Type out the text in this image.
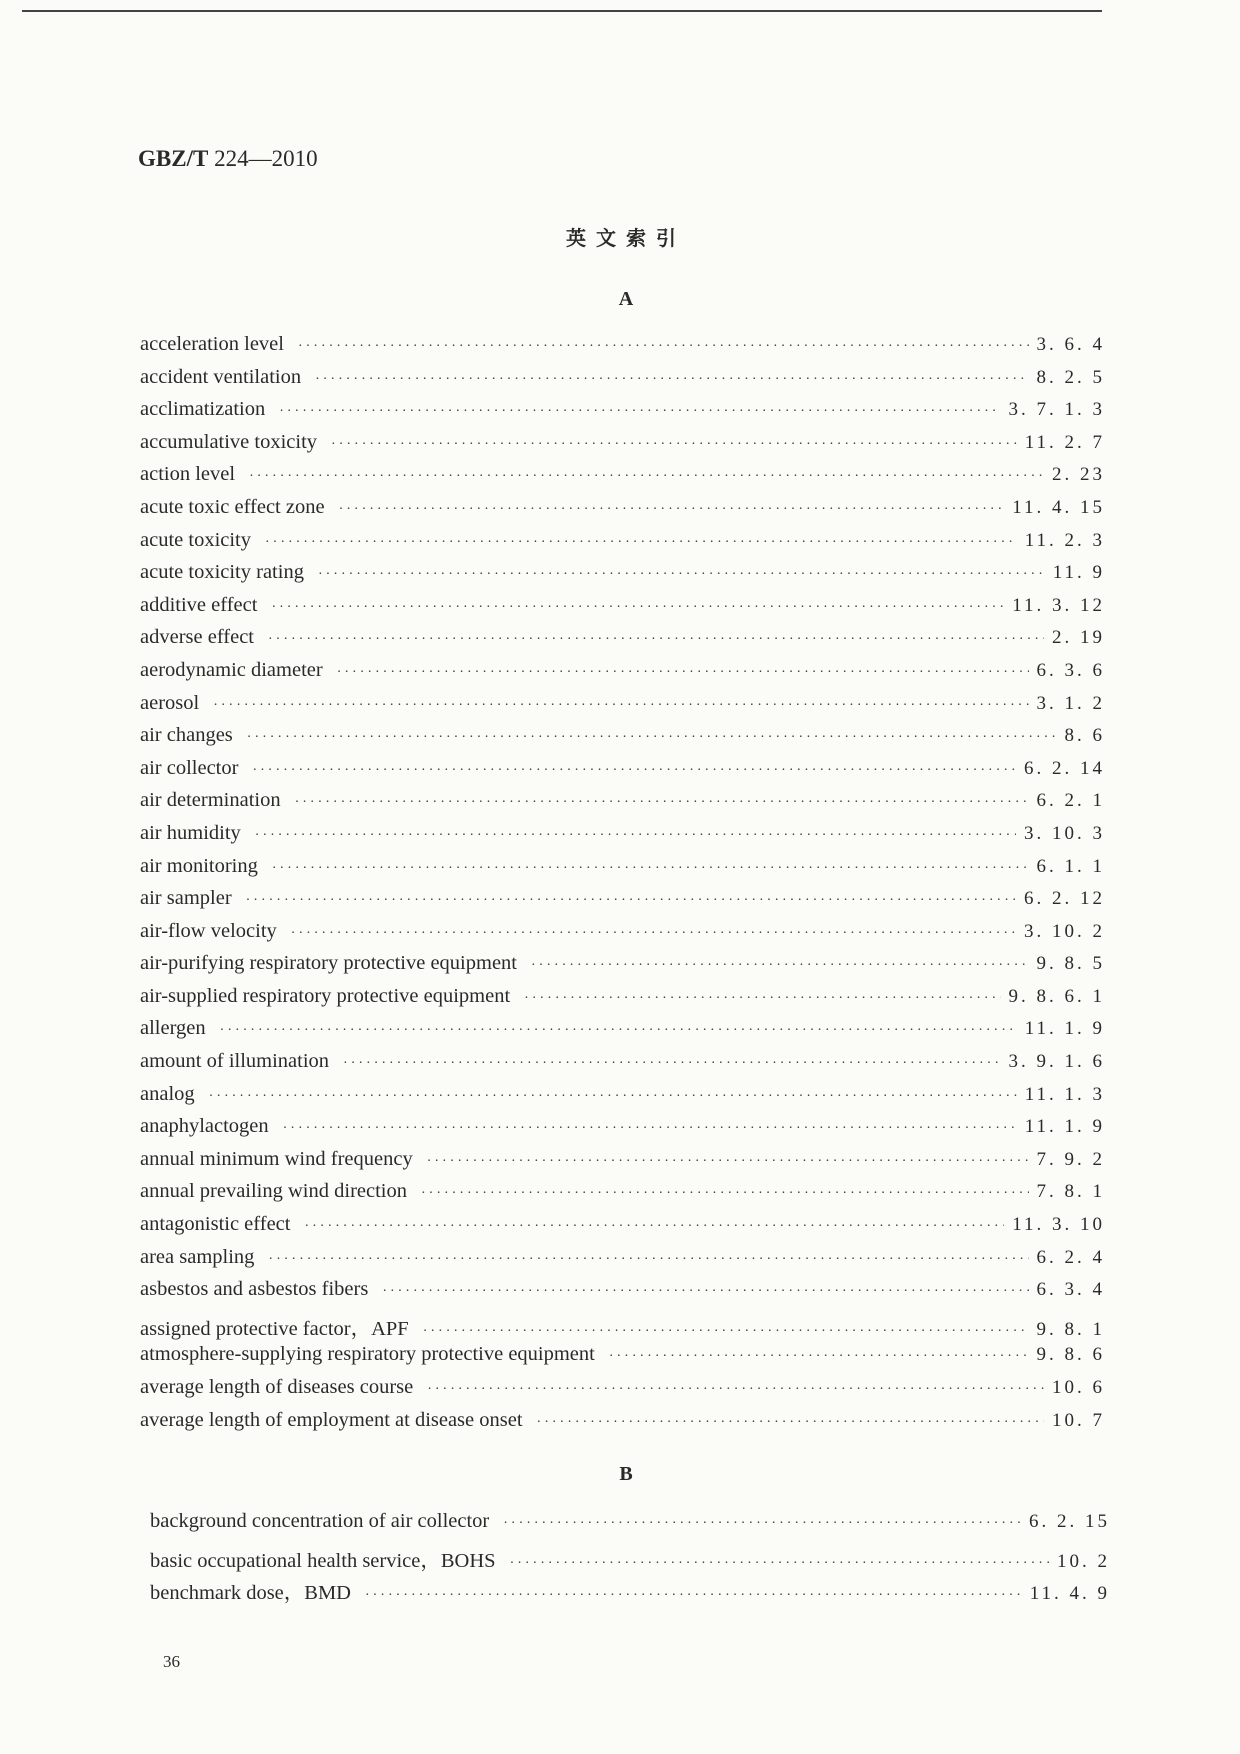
GBZ/T 224—2010
英文索引
A
acceleration level ·····	3. 6. 4
accident ventilation ·····	8. 2. 5
acclimatization ·····	3. 7. 1. 3
accumulative toxicity ·····	11. 2. 7
action level ·····	2. 23
acute toxic effect zone ·····	11. 4. 15
acute toxicity ·····	11. 2. 3
acute toxicity rating ·····	11. 9
additive effect ·····	11. 3. 12
adverse effect ·····	2. 19
aerodynamic diameter ·····	6. 3. 6
aerosol ·····	3. 1. 2
air changes ·····	8. 6
air collector ·····	6. 2. 14
air determination ·····	6. 2. 1
air humidity ·····	3. 10. 3
air monitoring ·····	6. 1. 1
air sampler ·····	6. 2. 12
air-flow velocity ·····	3. 10. 2
air-purifying respiratory protective equipment ·····	9. 8. 5
air-supplied respiratory protective equipment ·····	9. 8. 6. 1
allergen ·····	11. 1. 9
amount of illumination ·····	3. 9. 1. 6
analog ·····	11. 1. 3
anaphylactogen ·····	11. 1. 9
annual minimum wind frequency ·····	7. 9. 2
annual prevailing wind direction ·····	7. 8. 1
antagonistic effect ·····	11. 3. 10
area sampling ·····	6. 2. 4
asbestos and asbestos fibers ·····	6. 3. 4
assigned protective factor，APF ·····	9. 8. 1
atmosphere-supplying respiratory protective equipment ·····	9. 8. 6
average length of diseases course ·····	10. 6
average length of employment at disease onset ·····	10. 7
B
background concentration of air collector ·····	6. 2. 15
basic occupational health service，BOHS ·····	10. 2
benchmark dose，BMD ·····	11. 4. 9
36
